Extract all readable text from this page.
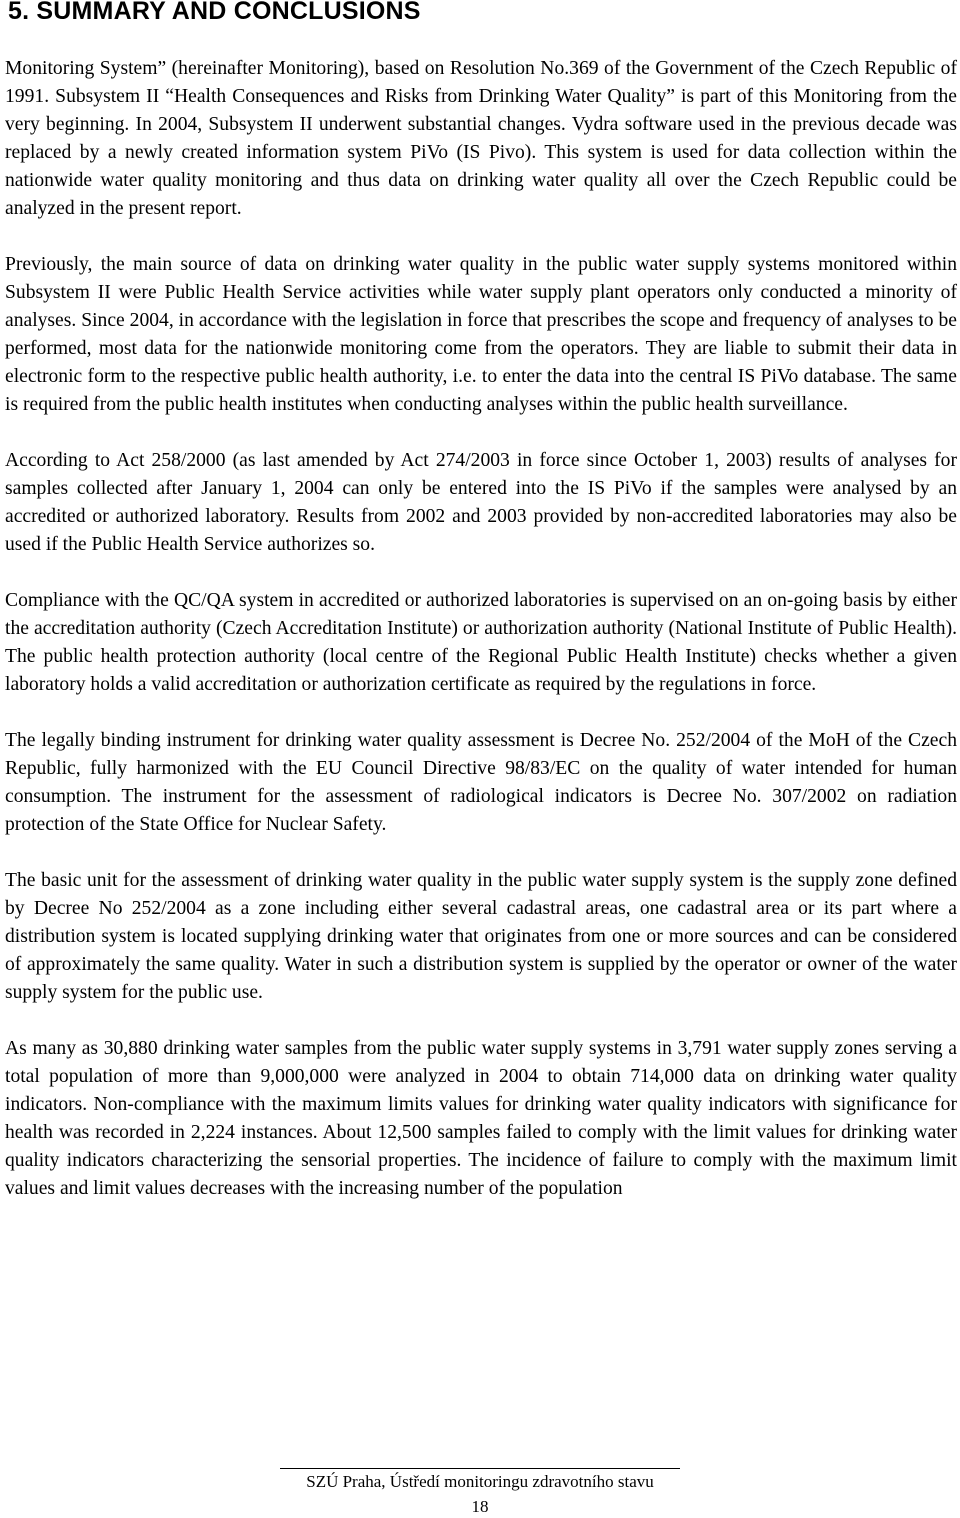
5. SUMMARY AND CONCLUSIONS

Monitoring System” (hereinafter Monitoring), based on Resolution No.369 of the Government of the Czech Republic of 1991. Subsystem II “Health Consequences and Risks from Drinking Water Quality” is part of this Monitoring from the very beginning. In 2004, Subsystem II underwent substantial changes. Vydra software used in the previous decade was replaced by a newly created information system PiVo (IS Pivo). This system is used for data collection within the nationwide water quality monitoring and thus data on drinking water quality all over the Czech Republic could be analyzed in the present report.

Previously, the main source of data on drinking water quality in the public water supply systems monitored within Subsystem II were Public Health Service activities while water supply plant operators only conducted a minority of analyses. Since 2004, in accordance with the legislation in force that prescribes the scope and frequency of analyses to be performed, most data for the nationwide monitoring come from the operators. They are liable to submit their data in electronic form to the respective public health authority, i.e. to enter the data into the central IS PiVo database. The same is required from the public health institutes when conducting analyses within the public health surveillance.

According to Act 258/2000 (as last amended by Act 274/2003 in force since October 1, 2003) results of analyses for samples collected after January 1, 2004 can only be entered into the IS PiVo if the samples were analysed by an accredited or authorized laboratory. Results from 2002 and 2003 provided by non-accredited laboratories may also be used if the Public Health Service authorizes so.

Compliance with the QC/QA system in accredited or authorized laboratories is supervised on an on-going basis by either the accreditation authority (Czech Accreditation Institute) or authorization authority (National Institute of Public Health). The public health protection authority (local centre of the Regional Public Health Institute) checks whether a given laboratory holds a valid accreditation or authorization certificate as required by the regulations in force.

The legally binding instrument for drinking water quality assessment is Decree No. 252/2004 of the MoH of the Czech Republic, fully harmonized with the EU Council Directive 98/83/EC on the quality of water intended for human consumption. The instrument for the assessment of radiological indicators is Decree No. 307/2002 on radiation protection of the State Office for Nuclear Safety.

The basic unit for the assessment of drinking water quality in the public water supply system is the supply zone defined by Decree No 252/2004 as a zone including either several cadastral areas, one cadastral area or its part where a distribution system is located supplying drinking water that originates from one or more sources and can be considered of approximately the same quality. Water in such a distribution system is supplied by the operator or owner of the water supply system for the public use.

As many as 30,880 drinking water samples from the public water supply systems in 3,791 water supply zones serving a total population of more than 9,000,000 were analyzed in 2004 to obtain 714,000 data on drinking water quality indicators. Non-compliance with the maximum limits values for drinking water quality indicators with significance for health was recorded in 2,224 instances. About 12,500 samples failed to comply with the limit values for drinking water quality indicators characterizing the sensorial properties. The incidence of failure to comply with the maximum limit values and limit values decreases with the increasing number of the population

SZÚ Praha, Ústředí monitoringu zdravotního stavu
18
